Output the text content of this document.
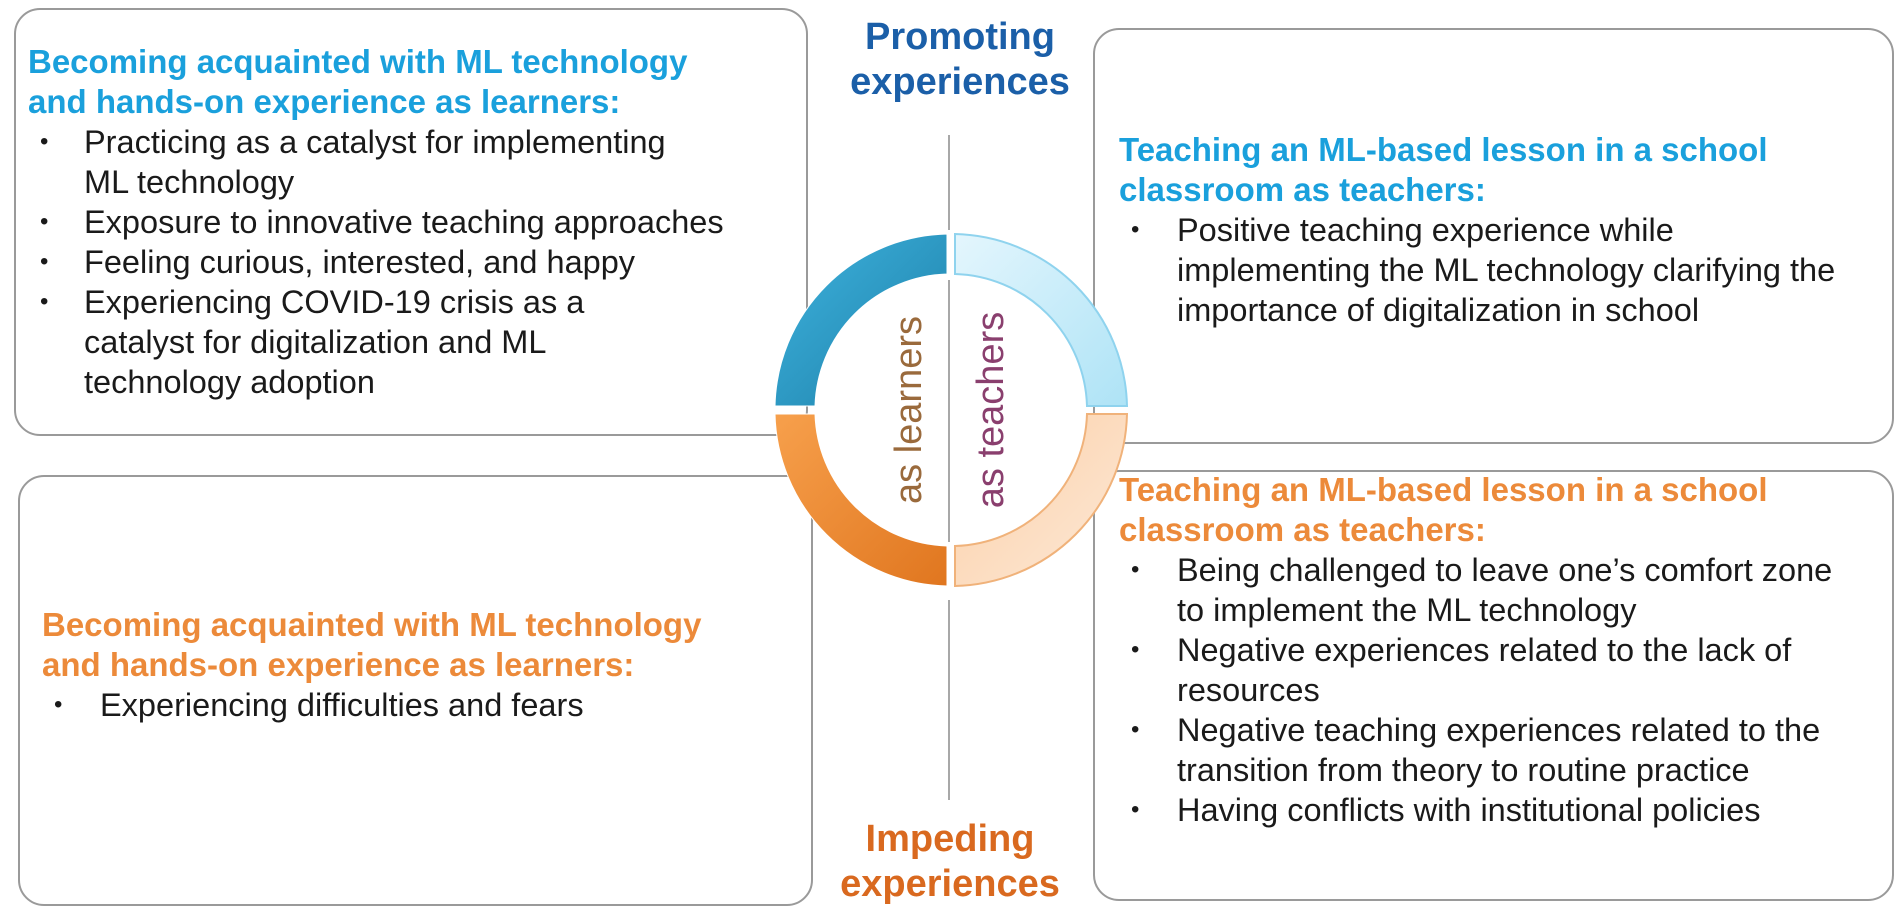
Becoming acquainted with ML technology
and hands-on experience as learners:
• Practicing as a catalyst for implementing ML technology
• Exposure to innovative teaching approaches
• Feeling curious, interested, and happy
• Experiencing COVID-19 crisis as a catalyst for digitalization and ML technology adoption
Teaching an ML-based lesson in a school
classroom as teachers:
• Positive teaching experience while implementing the ML technology clarifying the importance of digitalization in school
Becoming acquainted with ML technology
and hands-on experience as learners:
• Experiencing difficulties and fears
Teaching an ML-based lesson in a school
classroom as teachers:
• Being challenged to leave one’s comfort zone to implement the ML technology
• Negative experiences related to the lack of resources
• Negative teaching experiences related to the transition from theory to routine practice
• Having conflicts with institutional policies
Promoting
experiences
Impeding
experiences
as learners as teachers
